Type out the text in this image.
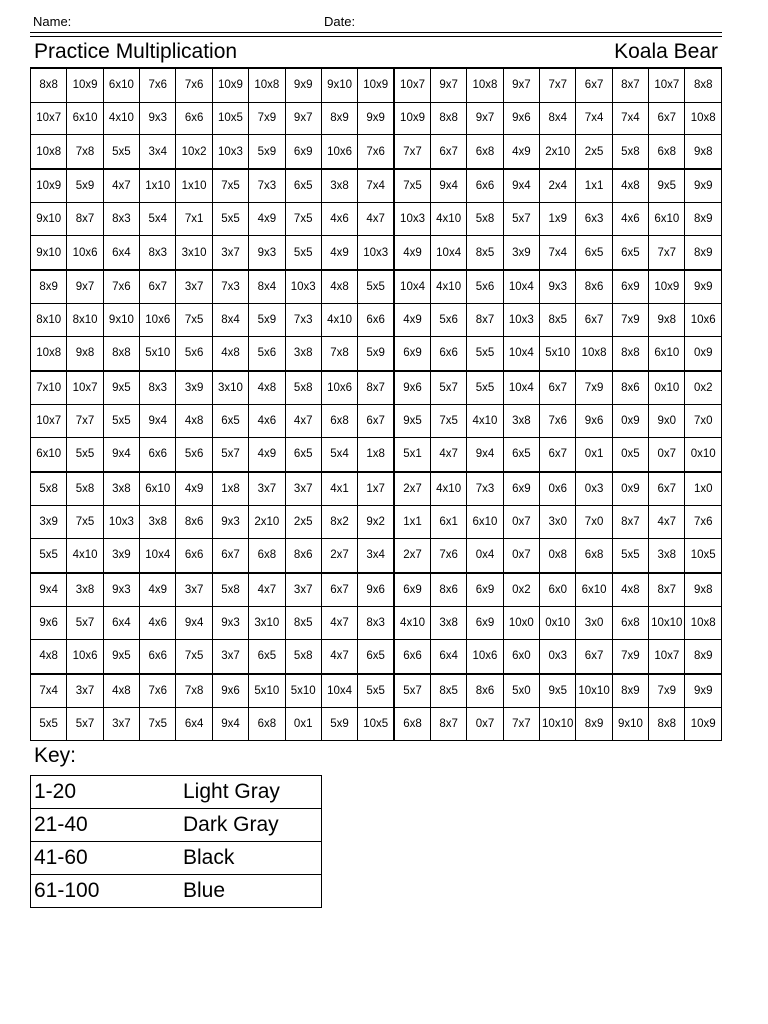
Name:	Date:
Practice Multiplication	Koala Bear
8x8	10x9	6x10	7x6	7x6	10x9	10x8	9x9	9x10	10x9	10x7	9x7	10x8	9x7	7x7	6x7	8x7	10x7	8x8
10x7	6x10	4x10	9x3	6x6	10x5	7x9	9x7	8x9	9x9	10x9	8x8	9x7	9x6	8x4	7x4	7x4	6x7	10x8
10x8	7x8	5x5	3x4	10x2	10x3	5x9	6x9	10x6	7x6	7x7	6x7	6x8	4x9	2x10	2x5	5x8	6x8	9x8
10x9	5x9	4x7	1x10	1x10	7x5	7x3	6x5	3x8	7x4	7x5	9x4	6x6	9x4	2x4	1x1	4x8	9x5	9x9
9x10	8x7	8x3	5x4	7x1	5x5	4x9	7x5	4x6	4x7	10x3	4x10	5x8	5x7	1x9	6x3	4x6	6x10	8x9
9x10	10x6	6x4	8x3	3x10	3x7	9x3	5x5	4x9	10x3	4x9	10x4	8x5	3x9	7x4	6x5	6x5	7x7	8x9
8x9	9x7	7x6	6x7	3x7	7x3	8x4	10x3	4x8	5x5	10x4	4x10	5x6	10x4	9x3	8x6	6x9	10x9	9x9
8x10	8x10	9x10	10x6	7x5	8x4	5x9	7x3	4x10	6x6	4x9	5x6	8x7	10x3	8x5	6x7	7x9	9x8	10x6
10x8	9x8	8x8	5x10	5x6	4x8	5x6	3x8	7x8	5x9	6x9	6x6	5x5	10x4	5x10	10x8	8x8	6x10	0x9
7x10	10x7	9x5	8x3	3x9	3x10	4x8	5x8	10x6	8x7	9x6	5x7	5x5	10x4	6x7	7x9	8x6	0x10	0x2
10x7	7x7	5x5	9x4	4x8	6x5	4x6	4x7	6x8	6x7	9x5	7x5	4x10	3x8	7x6	9x6	0x9	9x0	7x0
6x10	5x5	9x4	6x6	5x6	5x7	4x9	6x5	5x4	1x8	5x1	4x7	9x4	6x5	6x7	0x1	0x5	0x7	0x10
5x8	5x8	3x8	6x10	4x9	1x8	3x7	3x7	4x1	1x7	2x7	4x10	7x3	6x9	0x6	0x3	0x9	6x7	1x0
3x9	7x5	10x3	3x8	8x6	9x3	2x10	2x5	8x2	9x2	1x1	6x1	6x10	0x7	3x0	7x0	8x7	4x7	7x6
5x5	4x10	3x9	10x4	6x6	6x7	6x8	8x6	2x7	3x4	2x7	7x6	0x4	0x7	0x8	6x8	5x5	3x8	10x5
9x4	3x8	9x3	4x9	3x7	5x8	4x7	3x7	6x7	9x6	6x9	8x6	6x9	0x2	6x0	6x10	4x8	8x7	9x8
9x6	5x7	6x4	4x6	9x4	9x3	3x10	8x5	4x7	8x3	4x10	3x8	6x9	10x0	0x10	3x0	6x8	10x10	10x8
4x8	10x6	9x5	6x6	7x5	3x7	6x5	5x8	4x7	6x5	6x6	6x4	10x6	6x0	0x3	6x7	7x9	10x7	8x9
7x4	3x7	4x8	7x6	7x8	9x6	5x10	5x10	10x4	5x5	5x7	8x5	8x6	5x0	9x5	10x10	8x9	7x9	9x9
5x5	5x7	3x7	7x5	6x4	9x4	6x8	0x1	5x9	10x5	6x8	8x7	0x7	7x7	10x10	8x9	9x10	8x8	10x9
Key:
1-20	Light Gray
21-40	Dark Gray
41-60	Black
61-100	Blue
